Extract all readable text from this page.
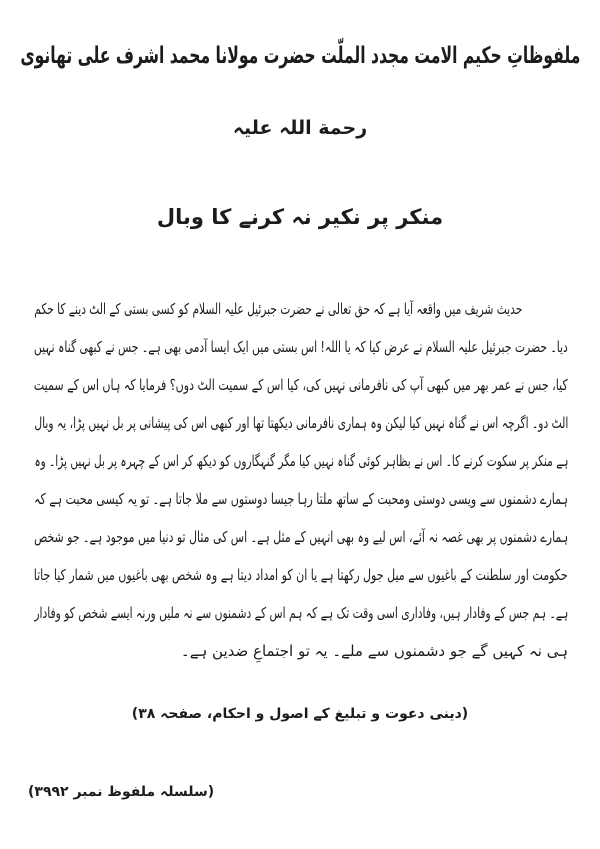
ملفوظاتِ حکیم الامت مجدد الملّت حضرت مولانا محمد اشرف علی تھانوی
رحمة اللہ علیہ
منکر پر نکیر نہ کرنے کا وبال
حدیث شریف میں واقعہ آیا ہے کہ حق تعالی نے حضرت جبرئیل علیہ السلام کو کسی بستی کے الٹ دینے کا حکم
دیا۔ حضرت جبرئیل علیہ السلام نے عرض کیا کہ یا اللہ! اس بستی میں ایک ایسا آدمی بھی ہے۔ جس نے کبھی گناہ نہیں
کیا، جس نے عمر بھر میں کبھی آپ کی نافرمانی نہیں کی، کیا اس کے سمیت الٹ دوں؟ فرمایا کہ ہاں اس کے سمیت
الٹ دو۔ اگرچہ اس نے گناہ نہیں کیا لیکن وہ ہماری نافرمانی دیکھتا تھا اور کبھی اس کی پیشانی پر بل نہیں پڑا، یہ وبال
ہے منکر پر سکوت کرنے کا۔ اس نے بظاہر کوئی گناہ نہیں کیا مگر گنہگاروں کو دیکھ کر اس کے چہرہ پر بل نہیں پڑا۔ وہ
ہمارے دشمنوں سے ویسی دوستی ومحبت کے ساتھ ملتا رہا جیسا دوستوں سے ملا جاتا ہے۔ تو یہ کیسی محبت ہے کہ
ہمارے دشمنوں پر بھی غصہ نہ آئے، اس لیے وہ بھی انہیں کے مثل ہے۔ اس کی مثال تو دنیا میں موجود ہے۔ جو شخص
حکومت اور سلطنت کے باغیوں سے میل جول رکھتا ہے یا ان کو امداد دیتا ہے وہ شخص بھی باغیوں میں شمار کیا جاتا
ہے۔ ہم جس کے وفادار ہیں، وفاداری اسی وقت تک ہے کہ ہم اس کے دشمنوں سے نہ ملیں ورنہ ایسے شخص کو وفادار
ہی نہ کہیں گے جو دشمنوں سے ملے۔ یہ تو اجتماعِ ضدین ہے۔
(دینی دعوت و تبلیغ کے اصول و احکام، صفحہ ٣٨)
(سلسلہ ملفوظ نمبر ٣٩٩٢)
